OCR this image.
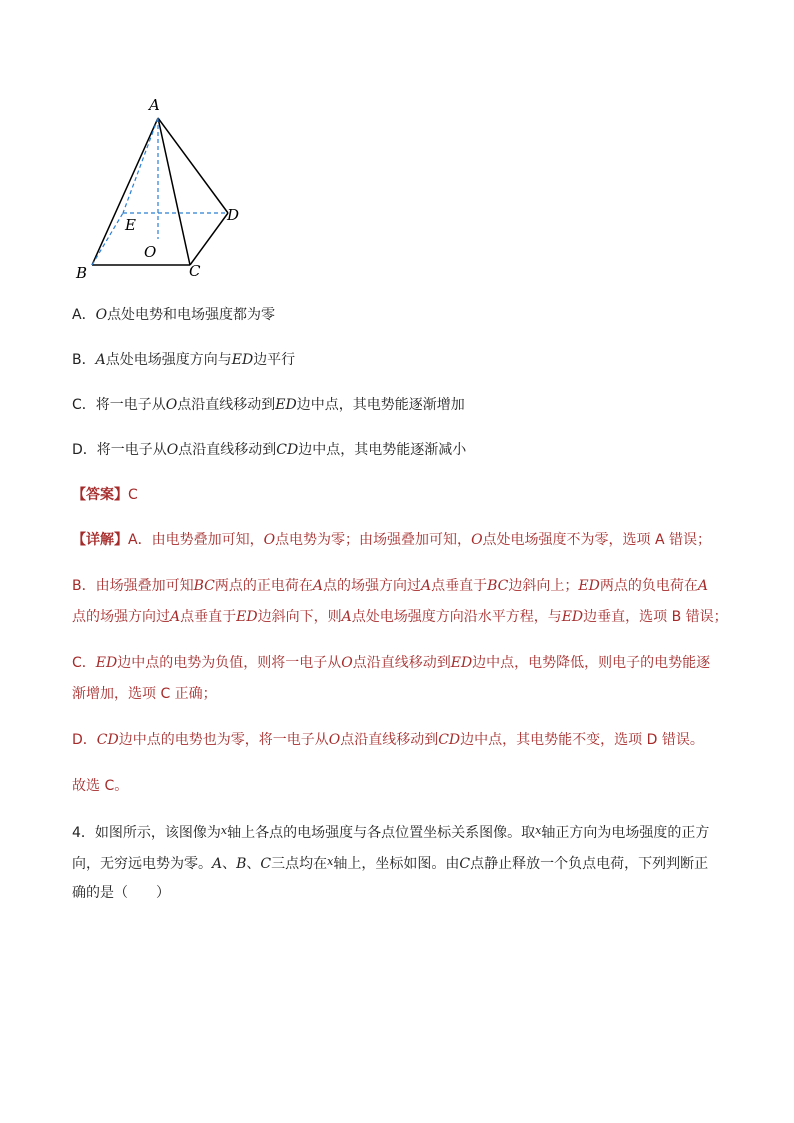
A
B	C
D
E
O
A．O点处电势和电场强度都为零
B．A点处电场强度方向与ED边平行
C．将一电子从O点沿直线移动到ED边中点，其电势能逐渐增加
D．将一电子从O点沿直线移动到CD边中点，其电势能逐渐减小
【答案】C
【详解】A．由电势叠加可知，O点电势为零；由场强叠加可知，O点处电场强度不为零，选项 A 错误；
B．由场强叠加可知BC两点的正电荷在A点的场强方向过A点垂直于BC边斜向上；ED两点的负电荷在A
点的场强方向过A点垂直于ED边斜向下，则A点处电场强度方向沿水平方程，与ED边垂直，选项 B 错误；
C．ED边中点的电势为负值，则将一电子从O点沿直线移动到ED边中点，电势降低，则电子的电势能逐
渐增加，选项 C 正确；
D．CD边中点的电势也为零，将一电子从O点沿直线移动到CD边中点，其电势能不变，选项 D 错误。
故选 C。
4．如图所示，该图像为$^x$轴上各点的电场强度与各点位置坐标关系图像。取$^x$轴正方向为电场强度的正方
向，无穷远电势为零。A、B、C三点均在$^x$轴上，坐标如图。由C点静止释放一个负点电荷，下列判断正
确的是（　　）
